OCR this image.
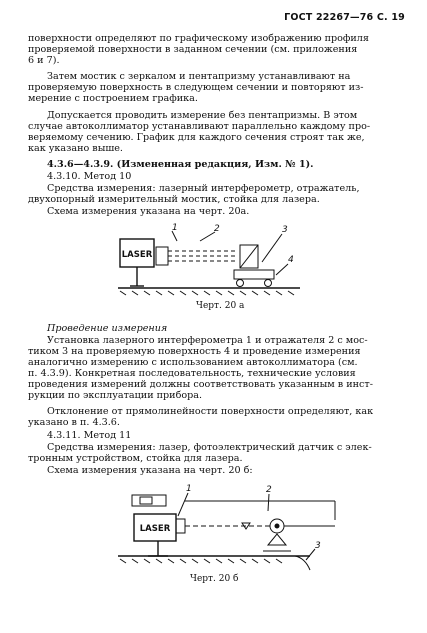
ГОСТ 22267—76 С. 19
поверхности определяют по графическому изображению профиля
проверяемой поверхности в заданном сечении (см. приложения
6 и 7).
Затем мостик с зеркалом и пентапризму устанавливают на
проверяемую поверхность в следующем сечении и повторяют из-
мерение с построением графика.
Допускается проводить измерение без пентапризмы. В этом
случае автоколлиматор устанавливают параллельно каждому про-
веряемому сечению. График для каждого сечения строят так же,
как указано выше.
4.3.6—4.3.9. (Измененная редакция, Изм. № 1).
4.3.10. Метод 10
Средства измерения: лазерный интерферометр, отражатель,
двухопорный измерительный мостик, стойка для лазера.
Схема измерения указана на черт. 20а.
LASER
1	2	3
4
Черт. 20 а
Проведение измерения
Установка лазерного интерферометра 1 и отражателя 2 с мос-
тиком 3 на проверяемую поверхность 4 и проведение измерения
аналогично измерению с использованием автоколлиматора (см.
п. 4.3.9). Конкретная последовательность, технические условия
проведения измерений должны соответствовать указанным в инст-
рукции по эксплуатации прибора.
Отклонение от прямолинейности поверхности определяют, как
указано в п. 4.3.6.
4.3.11. Метод 11
Средства измерения: лазер, фотоэлектрический датчик с элек-
тронным устройством, стойка для лазера.
Схема измерения указана на черт. 20 б:
LASER
1	2
3
Черт. 20 б
